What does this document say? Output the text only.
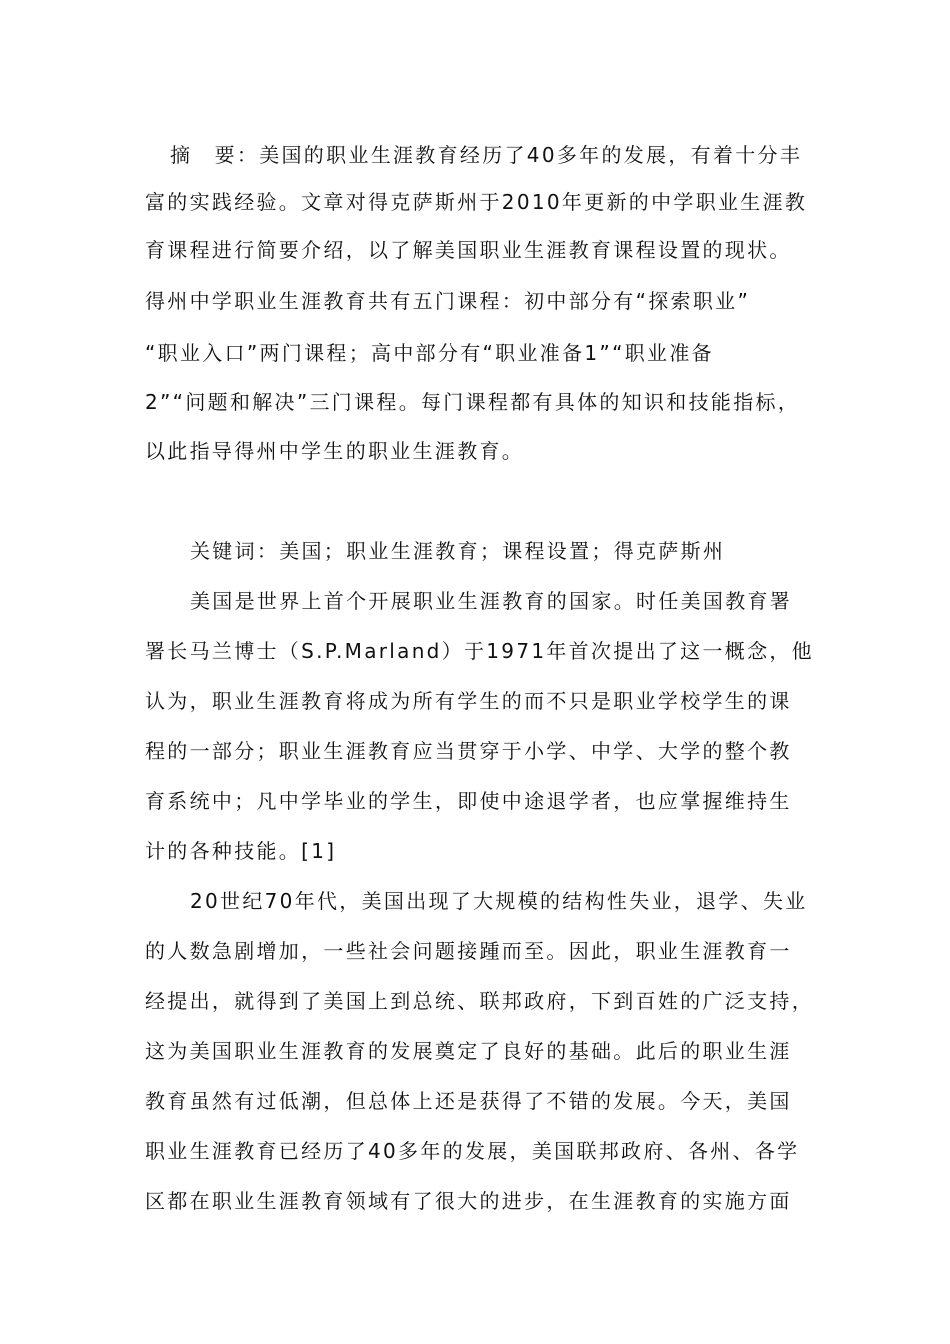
摘　要：美国的职业生涯教育经历了40多年的发展，有着十分丰
富的实践经验。文章对得克萨斯州于2010年更新的中学职业生涯教
育课程进行简要介绍，以了解美国职业生涯教育课程设置的现状。
得州中学职业生涯教育共有五门课程：初中部分有“探索职业”
“职业入口”两门课程；高中部分有“职业准备1”“职业准备
2”“问题和解决”三门课程。每门课程都有具体的知识和技能指标，
以此指导得州中学生的职业生涯教育。
关键词：美国；职业生涯教育；课程设置；得克萨斯州
美国是世界上首个开展职业生涯教育的国家。时任美国教育署
署长马兰博士（S.P.Marland）于1971年首次提出了这一概念，他
认为，职业生涯教育将成为所有学生的而不只是职业学校学生的课
程的一部分；职业生涯教育应当贯穿于小学、中学、大学的整个教
育系统中；凡中学毕业的学生，即使中途退学者，也应掌握维持生
计的各种技能。[1]
20世纪70年代，美国出现了大规模的结构性失业，退学、失业
的人数急剧增加，一些社会问题接踵而至。因此，职业生涯教育一
经提出，就得到了美国上到总统、联邦政府，下到百姓的广泛支持，
这为美国职业生涯教育的发展奠定了良好的基础。此后的职业生涯
教育虽然有过低潮，但总体上还是获得了不错的发展。今天，美国
职业生涯教育已经历了40多年的发展，美国联邦政府、各州、各学
区都在职业生涯教育领域有了很大的进步，在生涯教育的实施方面
